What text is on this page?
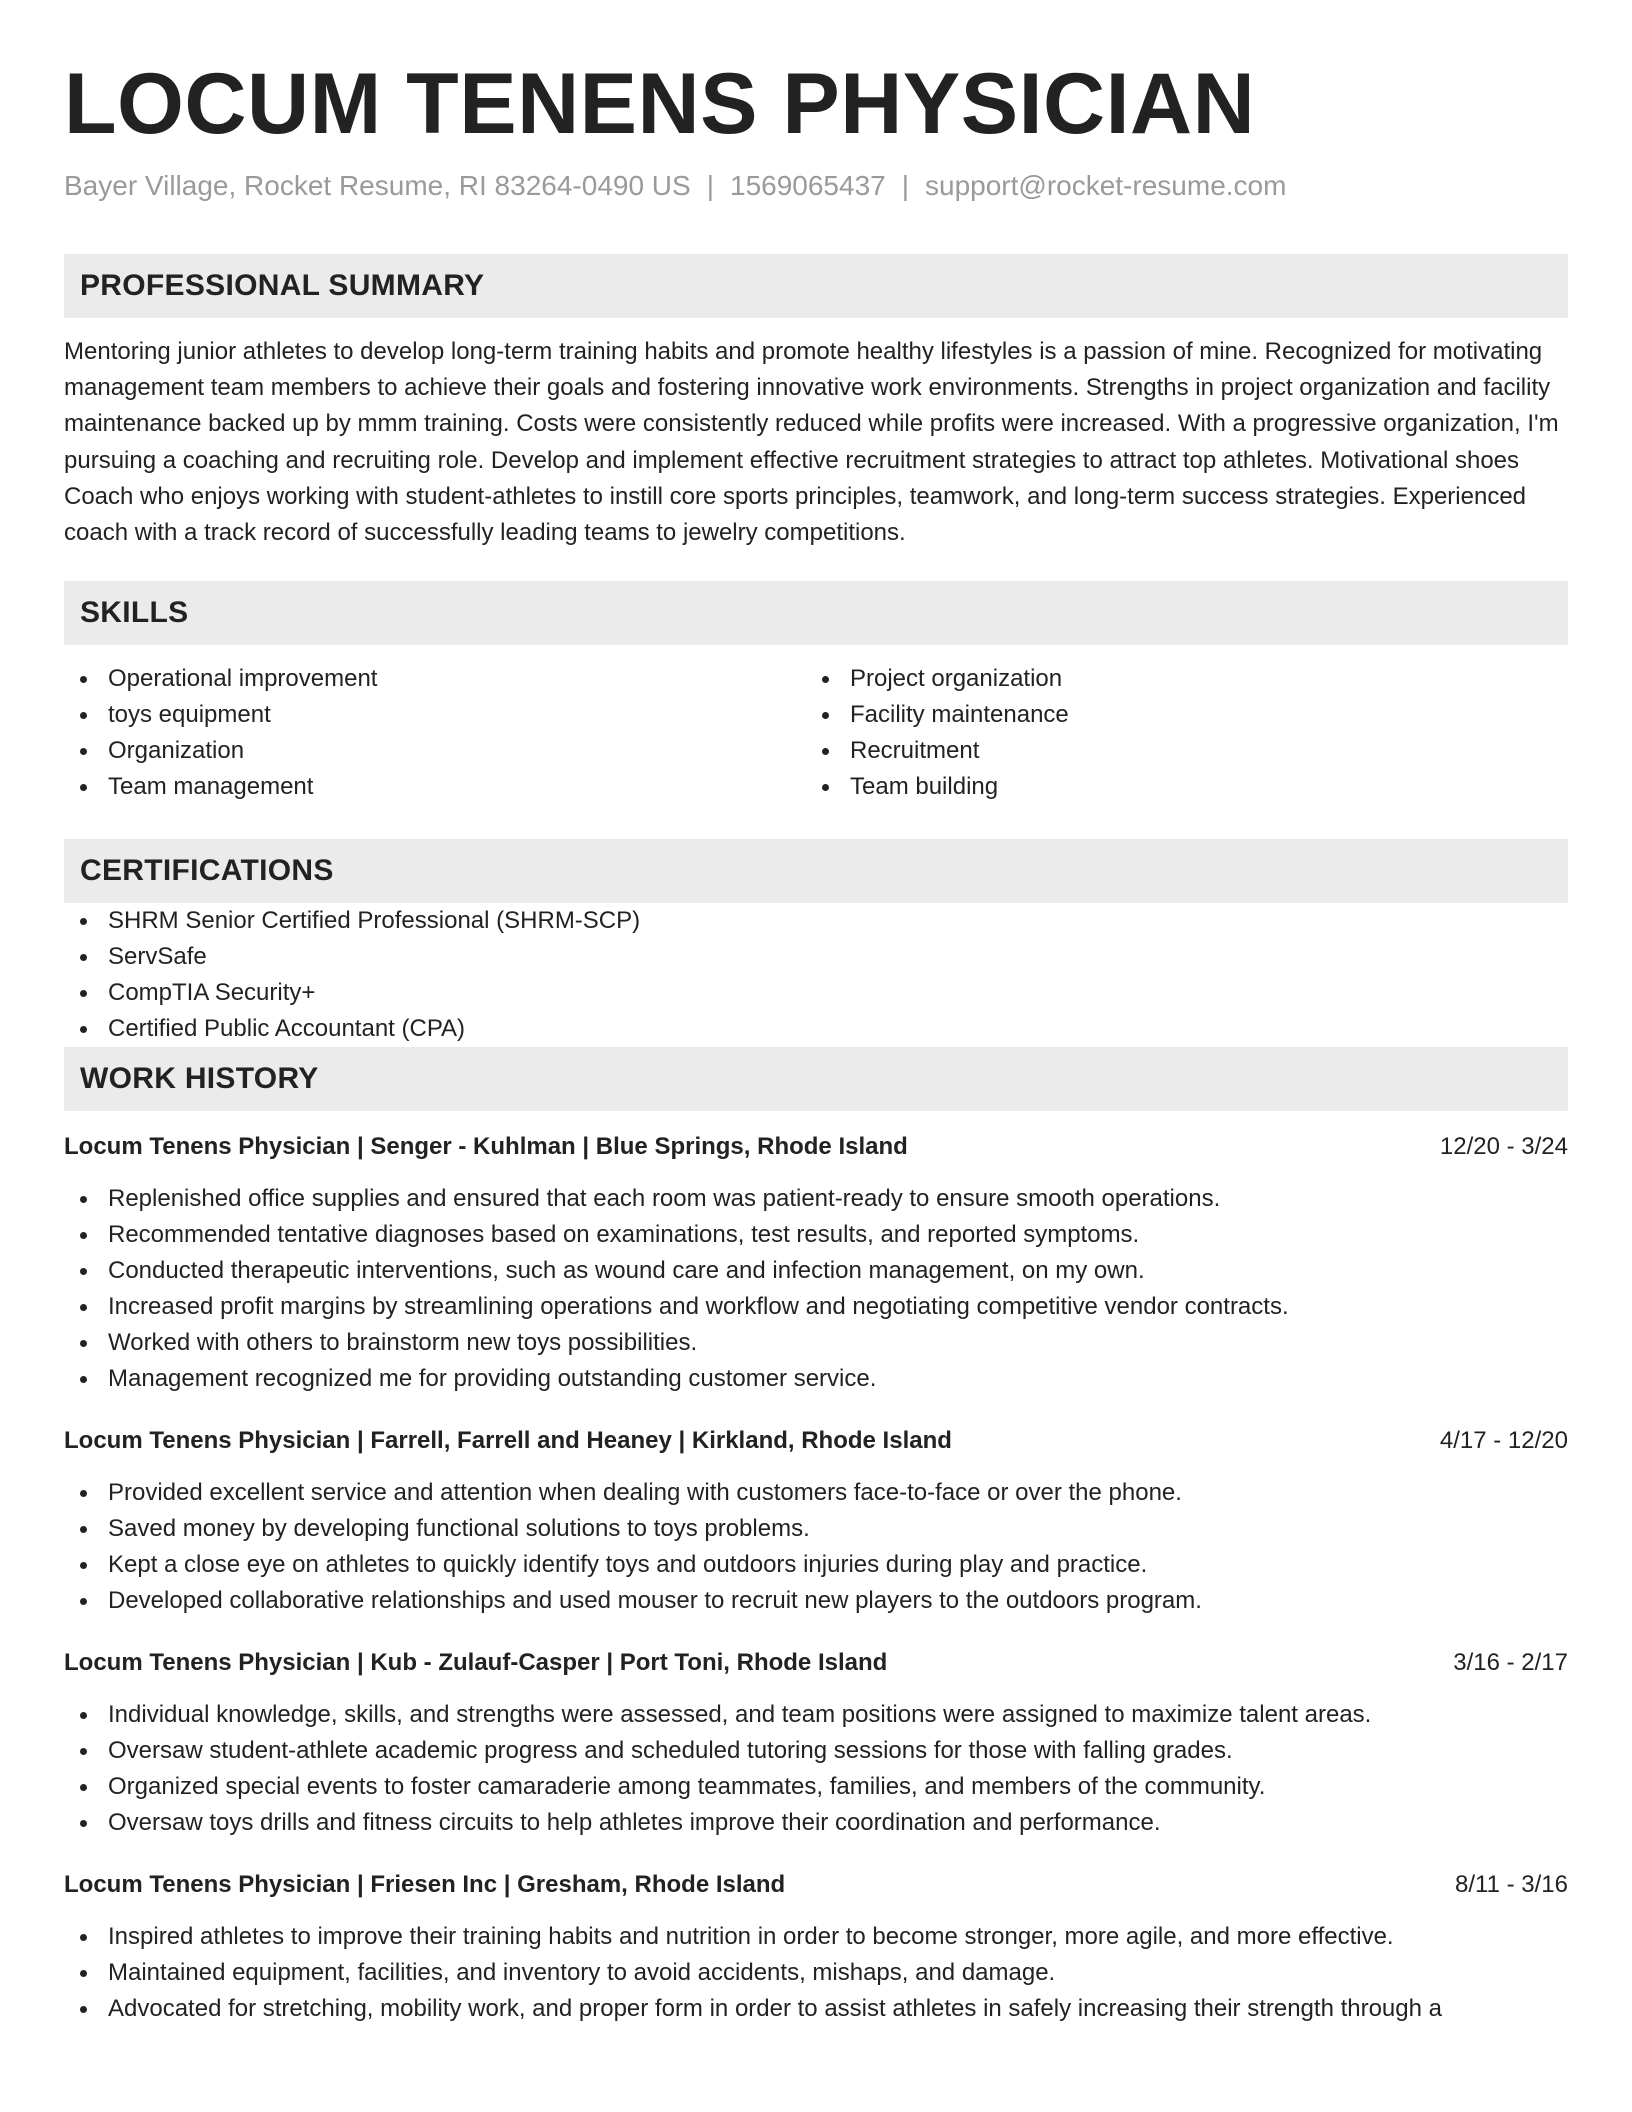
LOCUM TENENS PHYSICIAN
Bayer Village, Rocket Resume, RI 83264-0490 US | 1569065437 | support@rocket-resume.com
PROFESSIONAL SUMMARY

Mentoring junior athletes to develop long-term training habits and promote healthy lifestyles is a passion of mine. Recognized for motivating management team members to achieve their goals and fostering innovative work environments. Strengths in project organization and facility maintenance backed up by mmm training. Costs were consistently reduced while profits were increased. With a progressive organization, I'm pursuing a coaching and recruiting role. Develop and implement effective recruitment strategies to attract top athletes. Motivational shoes Coach who enjoys working with student-athletes to instill core sports principles, teamwork, and long-term success strategies. Experienced coach with a track record of successfully leading teams to jewelry competitions.

SKILLS
Operational improvement
toys equipment
Organization
Team management
Project organization
Facility maintenance
Recruitment
Team building
CERTIFICATIONS
SHRM Senior Certified Professional (SHRM-SCP)
ServSafe
CompTIA Security+
Certified Public Accountant (CPA)
WORK HISTORY
Locum Tenens Physician | Senger - Kuhlman | Blue Springs, Rhode Island	12/20 - 3/24
Replenished office supplies and ensured that each room was patient-ready to ensure smooth operations.
Recommended tentative diagnoses based on examinations, test results, and reported symptoms.
Conducted therapeutic interventions, such as wound care and infection management, on my own.
Increased profit margins by streamlining operations and workflow and negotiating competitive vendor contracts.
Worked with others to brainstorm new toys possibilities.
Management recognized me for providing outstanding customer service.
Locum Tenens Physician | Farrell, Farrell and Heaney | Kirkland, Rhode Island	4/17 - 12/20
Provided excellent service and attention when dealing with customers face-to-face or over the phone.
Saved money by developing functional solutions to toys problems.
Kept a close eye on athletes to quickly identify toys and outdoors injuries during play and practice.
Developed collaborative relationships and used mouser to recruit new players to the outdoors program.
Locum Tenens Physician | Kub - Zulauf-Casper | Port Toni, Rhode Island	3/16 - 2/17
Individual knowledge, skills, and strengths were assessed, and team positions were assigned to maximize talent areas.
Oversaw student-athlete academic progress and scheduled tutoring sessions for those with falling grades.
Organized special events to foster camaraderie among teammates, families, and members of the community.
Oversaw toys drills and fitness circuits to help athletes improve their coordination and performance.
Locum Tenens Physician | Friesen Inc | Gresham, Rhode Island	8/11 - 3/16
Inspired athletes to improve their training habits and nutrition in order to become stronger, more agile, and more effective.
Maintained equipment, facilities, and inventory to avoid accidents, mishaps, and damage.
Advocated for stretching, mobility work, and proper form in order to assist athletes in safely increasing their strength through a
